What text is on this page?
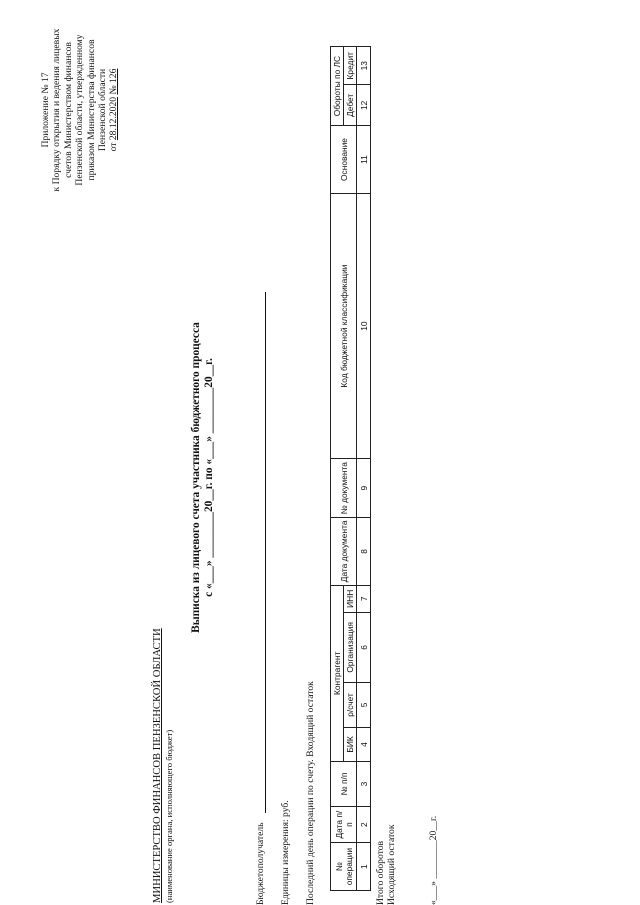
Приложение № 17 к Порядку открытия и ведения лицевых счетов Министерством финансов Пензенской области, утвержденному приказом Министерства финансов Пензенской области от 28.12.2020 № 126
МИНИСТЕРСТВО ФИНАНСОВ ПЕНЗЕНСКОЙ ОБЛАСТИ (наименование органа, исполняющего бюджет)
Выписка из лицевого счета участника бюджетного процесса с «___» ________20__г. по «___» ________20__г.
Бюджетополучатель Единицы измерения: руб. Последний день операции по счету. Входящий остаток № операции	Дата п/п	№ п/п	Контрагент				Дата документа	№ документа	Код бюджетной классификации	Основание	Обороты по ЛС	
			БИК	р/счет	Организация	ИНН					Дебет	Кредит
1	2	3	4	5	6	7	8	9	10	11	12	13
Итого оборотов Исходящий остаток	«___» ________20__г.
